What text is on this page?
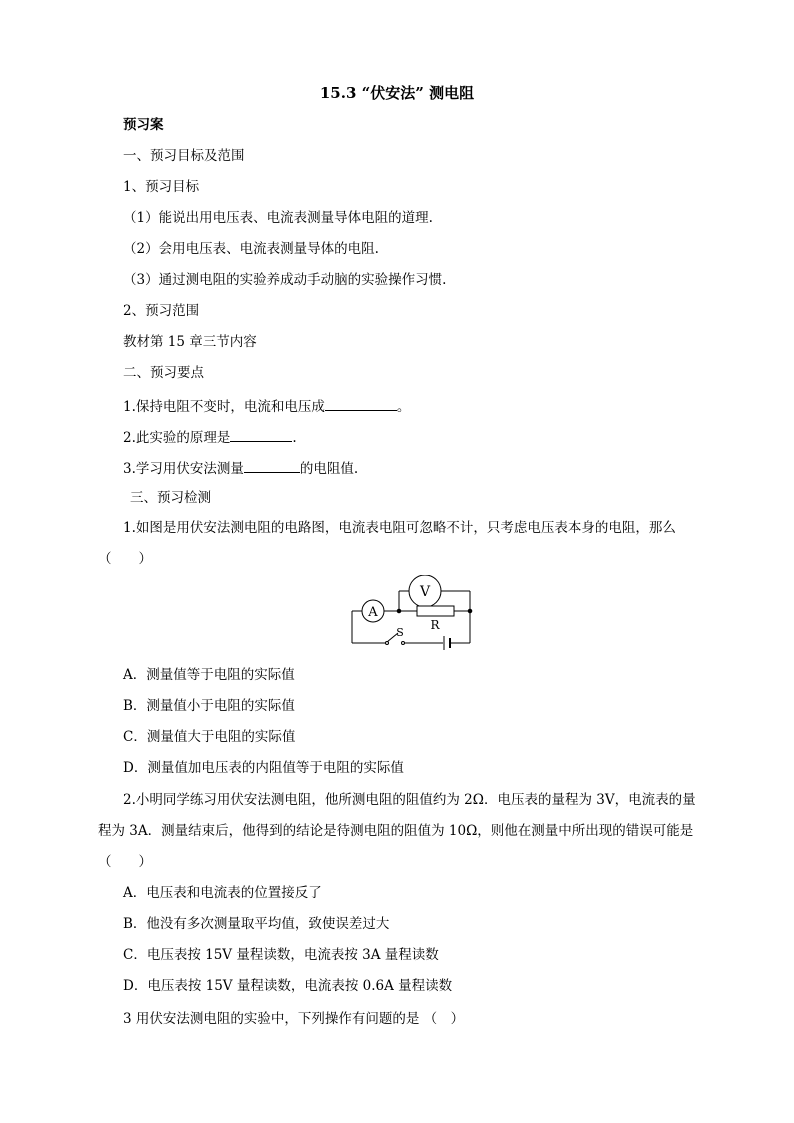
15.3 “伏安法” 测电阻
预习案
一、预习目标及范围
1、预习目标
（1）能说出用电压表、电流表测量导体电阻的道理.
（2）会用电压表、电流表测量导体的电阻.
（3）通过测电阻的实验养成动手动脑的实验操作习惯.
2、预习范围
教材第 15 章三节内容
二、预习要点
1.保持电阻不变时，电流和电压成	。
2.此实验的原理是	.
3.学习用伏安法测量	的电阻值.
三、预习检测
1.如图是用伏安法测电阻的电路图，电流表电阻可忽略不计，只考虑电压表本身的电阻，那么（　　）
A
V
R
S
A．测量值等于电阻的实际值
B．测量值小于电阻的实际值
C．测量值大于电阻的实际值
D．测量值加电压表的内阻值等于电阻的实际值
2.小明同学练习用伏安法测电阻，他所测电阻的阻值约为 2Ω．电压表的量程为 3V，电流表的量程为 3A．测量结束后，他得到的结论是待测电阻的阻值为 10Ω，则他在测量中所出现的错误可能是（　　）
A．电压表和电流表的位置接反了
B．他没有多次测量取平均值，致使误差过大
C．电压表按 15V 量程读数，电流表按 3A 量程读数
D．电压表按 15V 量程读数，电流表按 0.6A 量程读数
3 用伏安法测电阻的实验中，下列操作有问题的是 （　）
